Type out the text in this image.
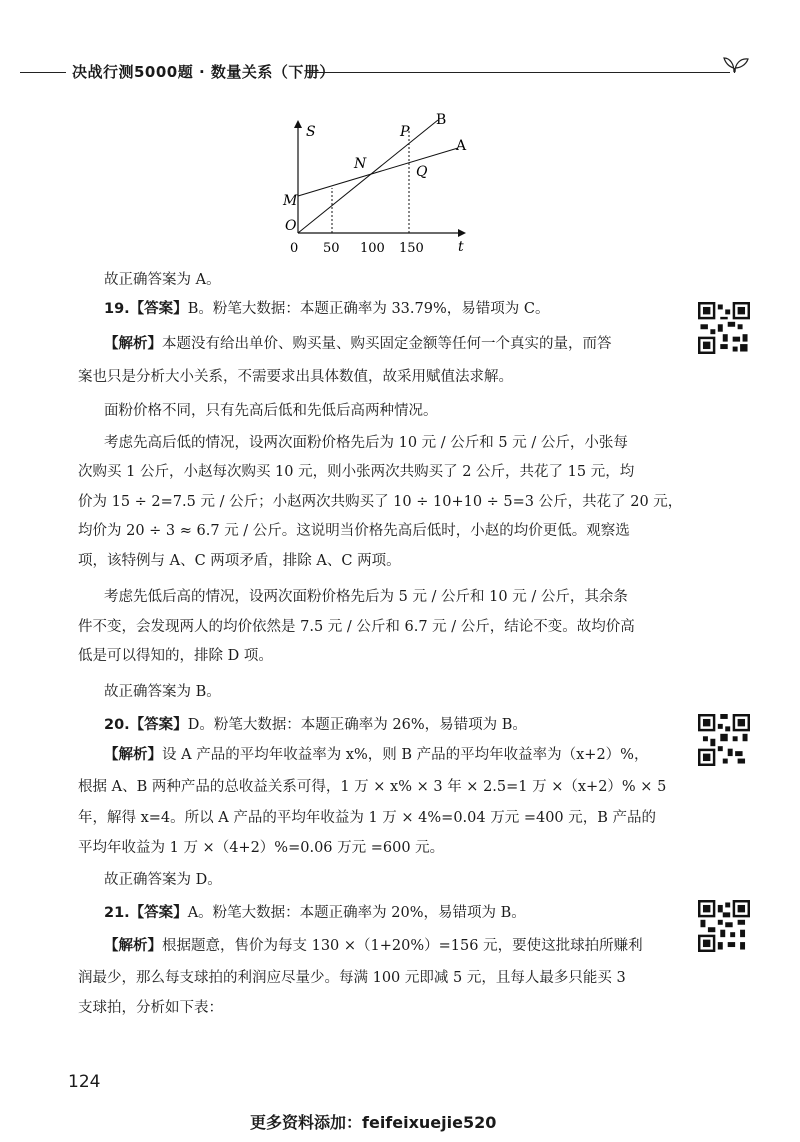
决战行测5000题 · 数量关系（下册）
S
t
0 50 100 150
M
O
N
P
Q
B
A
故正确答案为 A。
19.【答案】B。粉笔大数据：本题正确率为 33.79%，易错项为 C。
【解析】本题没有给出单价、购买量、购买固定金额等任何一个真实的量，而答
案也只是分析大小关系，不需要求出具体数值，故采用赋值法求解。
面粉价格不同，只有先高后低和先低后高两种情况。
考虑先高后低的情况，设两次面粉价格先后为 10 元 / 公斤和 5 元 / 公斤，小张每
次购买 1 公斤，小赵每次购买 10 元，则小张两次共购买了 2 公斤，共花了 15 元，均
价为 15 ÷ 2=7.5 元 / 公斤；小赵两次共购买了 10 ÷ 10+10 ÷ 5=3 公斤，共花了 20 元，
均价为 20 ÷ 3 ≈ 6.7 元 / 公斤。这说明当价格先高后低时，小赵的均价更低。观察选
项，该特例与 A、C 两项矛盾，排除 A、C 两项。
考虑先低后高的情况，设两次面粉价格先后为 5 元 / 公斤和 10 元 / 公斤，其余条
件不变，会发现两人的均价依然是 7.5 元 / 公斤和 6.7 元 / 公斤，结论不变。故均价高
低是可以得知的，排除 D 项。
故正确答案为 B。
20.【答案】D。粉笔大数据：本题正确率为 26%，易错项为 B。
【解析】设 A 产品的平均年收益率为 x%，则 B 产品的平均年收益率为（x+2）%，
根据 A、B 两种产品的总收益关系可得，1 万 × x% × 3 年 × 2.5=1 万 ×（x+2）% × 5
年，解得 x=4。所以 A 产品的平均年收益为 1 万 × 4%=0.04 万元 =400 元，B 产品的
平均年收益为 1 万 ×（4+2）%=0.06 万元 =600 元。
故正确答案为 D。
21.【答案】A。粉笔大数据：本题正确率为 20%，易错项为 B。
【解析】根据题意，售价为每支 130 ×（1+20%）=156 元，要使这批球拍所赚利
润最少，那么每支球拍的利润应尽量少。每满 100 元即减 5 元，且每人最多只能买 3
支球拍，分析如下表：
124
更多资料添加：feifeixuejie520
